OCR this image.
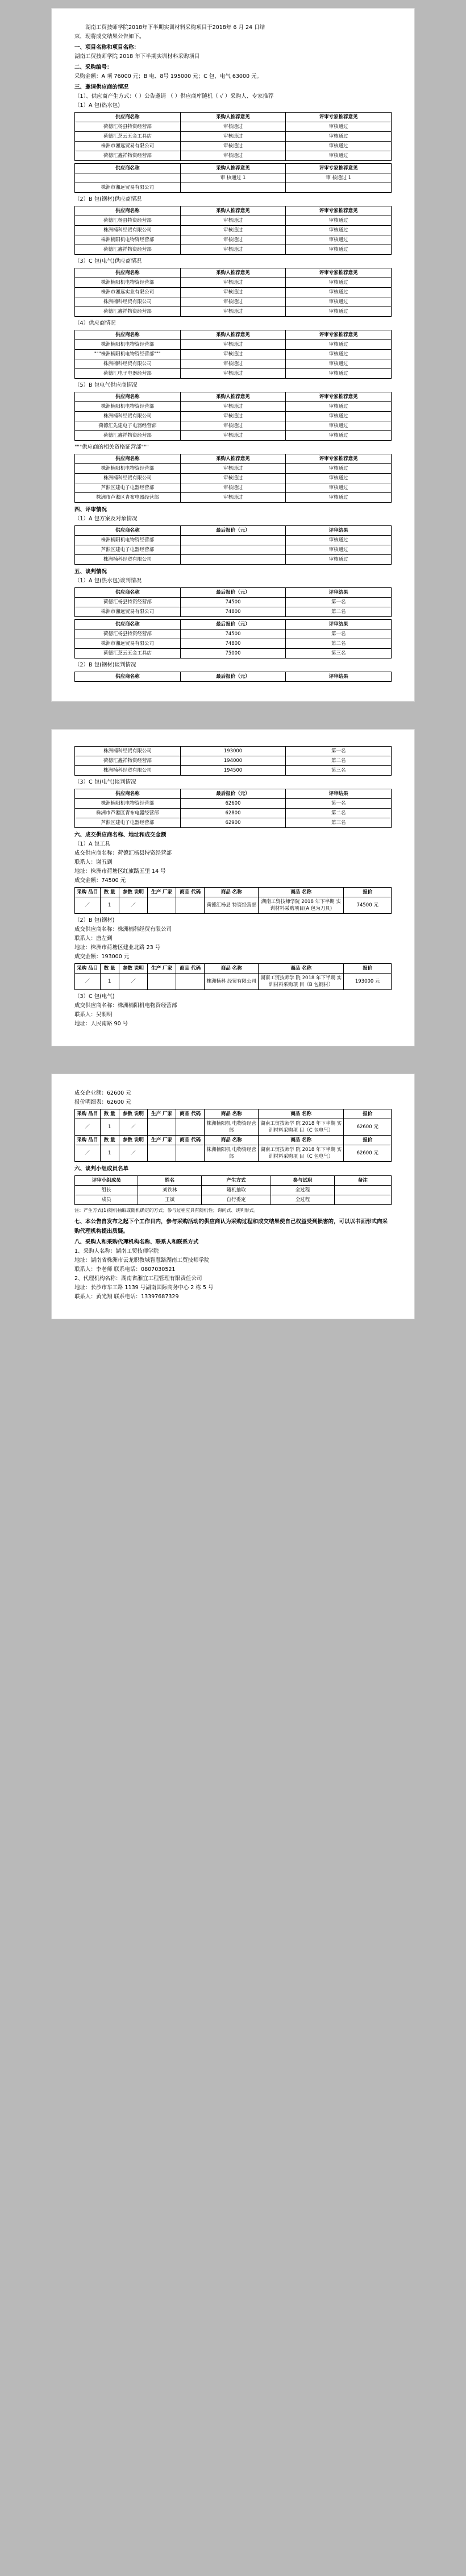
湖南工贸技师学院2018年下半期实训材料采购项目于2018年 6 月 24 日结
束，现将成交结果公告如下。
一、项目名称和项目名称：
湖南工贸技师学院 2018 年下半期实训材料采购项目
二、采购编号：
采购金额：A 项 76000 元；B 电、8号 195000 元；C 包、电气 63000 元。
三、邀请供应商的情况
（1）、供应商产生方式：（ ）公告邀请 （ ）供应商库随机（ √ ）采购人、专家推荐
（1）A 包(热水包)
供应商名称	采购人推荐意见	评审专家推荐意见
荷德汇杨县特资经营部	审核通过	审核通过
荷德汇芝云五金工具店	审核通过	审核通过
株洲市湘远贸易有限公司	审核通过	审核通过
荷德汇鑫祥物资经营部	审核通过	审核通过
供应商名称	采购人推荐意见	评审专家推荐意见
	审 核通过 1	审 核通过 1
株洲市湘远贸易有限公司		
（2）B 包(钢材)供应商情况
供应商名称	采购人推荐意见	评审专家推荐意见
荷德汇杨县特资经营部	审核通过	审核通过
株洲楠科经贸有限公司	审核通过	审核通过
株洲楠阳机电物资经营部	审核通过	审核通过
荷德汇鑫祥物资经营部	审核通过	审核通过
（3）C 包(电气)供应商情况
供应商名称	采购人推荐意见	评审专家推荐意见
株洲楠阳机电物资经营部	审核通过	审核通过
株洲市湘远实业有限公司	审核通过	审核通过
株洲楠科经贸有限公司	审核通过	审核通过
荷德汇鑫祥物资经营部	审核通过	审核通过
（4）供应商情况
供应商名称	采购人推荐意见	评审专家推荐意见
株洲楠阳机电物资经营部	审核通过	审核通过
"""株洲楠阳机电物资经营部"""	审核通过	审核通过
株洲楠科经贸有限公司	审核通过	审核通过
荷德汇电子电器经营部	审核通过	审核通过
（5）B 包电气供应商情况
供应商名称	采购人推荐意见	评审专家推荐意见
株洲楠阳机电物资经营部	审核通过	审核通过
株洲楠科经贸有限公司	审核通过	审核通过
荷德汇先建电子电器经营部	审核通过	审核通过
荷德汇鑫祥物资经营部	审核通过	审核通过
"""供应商的相关资格证营部"""
供应商名称	采购人推荐意见	评审专家推荐意见
株洲楠阳机电物资经营部	审核通过	审核通过
株洲楠科经贸有限公司	审核通过	审核通过
芦淞区建电子电器经营部	审核通过	审核通过
株洲市芦淞区青布电器经营部	审核通过	审核通过
四、评审情况
（1）A 包方案及对象情况
供应商名称	最后报价（元）	评审结果
株洲楠阳机电物资经营部		审核通过
芦淞区建电子电器经营部		审核通过
株洲楠科经贸有限公司		审核通过
五、谈判情况
（1）A 包(热水包)谈判情况
供应商名称	最后报价（元）	评审结果
荷德汇杨县特资经营部	74500	第一名
株洲市湘远贸易有限公司	74800	第二名
供应商名称	最后报价（元）	评审结果
荷德汇杨县特资经营部	74500	第一名
株洲市湘远贸易有限公司	74800	第二名
荷德汇芝云五金工具店	75000	第三名
（2）B 包(钢材)谈判情况
供应商名称	最后报价（元）	评审结果
株洲楠科经贸有限公司	193000	第一名
荷德汇鑫祥物资经营部	194000	第二名
株洲楠科经贸有限公司	194500	第三名
（3）C 包(电气)谈判情况
供应商名称	最后报价（元）	评审结果
株洲楠阳机电物资经营部	62600	第一名
株洲市芦淞区青布电器经营部	62800	第二名
芦淞区建电子电器经营部	62900	第三名
六、成交供应商名称、地址和成交金额
（1）A 包工具
成交供应商名称：荷德汇杨县特资经营部
联系人：谢五到
地址：株洲市荷塘区红旗路五里 14 号
成交金额：74500 元
采购 品目	数 量	参数 说明	生产 厂家	商品 代码	商品 名称	商品 名称	报价
／	1	／			荷德汇杨县 特资经营部	湖南工贸技师学院 2018 年下半期 实训材料采购项目(A 包为刀具)	74500 元
（2）B 包(钢材)
成交供应商名称：株洲楠科经贸有限公司
联系人：唐左到
地址：株洲市荷塘区建业北路 23 号
成交金额：193000 元
采购 品目	数 量	参数 说明	生产 厂家	商品 代码	商品 名称	商品 名称	报价
／	1	／			株洲楠科 经贸有限公司	湖南工贸技师学 院 2018 年下半期 实训材料采购项 目（B 包钢材）	193000 元
（3）C 包(电气)
成交供应商名称：株洲楠阳机电物资经营部
联系人：吴朝明
地址：人民南路 90 号
成交企业额：62600 元
报价明细表：62600 元
采购 品目	数 量	参数 说明	生产 厂家	商品 代码	商品 名称	商品 名称	报价
／	1	／			株洲楠阳机 电物资经营部	湖南工贸技师学 院 2018 年下半期 实训材料采购项 目（C 包电气）	62600 元
采购 品目	数 量	参数 说明	生产 厂家	商品 代码	商品 名称	商品 名称	报价
／	1	／			株洲楠阳机 电物资经营部	湖南工贸技师学 院 2018 年下半期 实训材料采购项 目（C 包电气）	62600 元
六、谈判小组成员名单
评审小组成员	姓名	产生方式	参与试职	备注
组长	刘铁林	随机抽取	全过程	
成员	王斌	自行委定	全过程	
注：产生方式(1)随机抽取或随机确定的方式；参与过程应具有随机性；询问式、谈判形式。
七、本公告自发布之起下个工作日内，参与采购活动的供应商认为采购过程和成交结果使自己权益受到损害的，可以以书面形式向采购代理机构提出质疑。
八、采购人和采购代理机构名称、联系人和联系方式
1、采购人名称：湖南工贸技师学院
地址：湖南省株洲市云龙职教城智慧路湖南工贸技师学院
联系人：李老师 联系电话：0807030521
2、代理机构名称：湖南省湘宜工程管理有限责任公司
地址：长沙市车工路 1139 号湖南国际商务中心 2 栋 5 号
联系人：黄光翔 联系电话：13397687329
